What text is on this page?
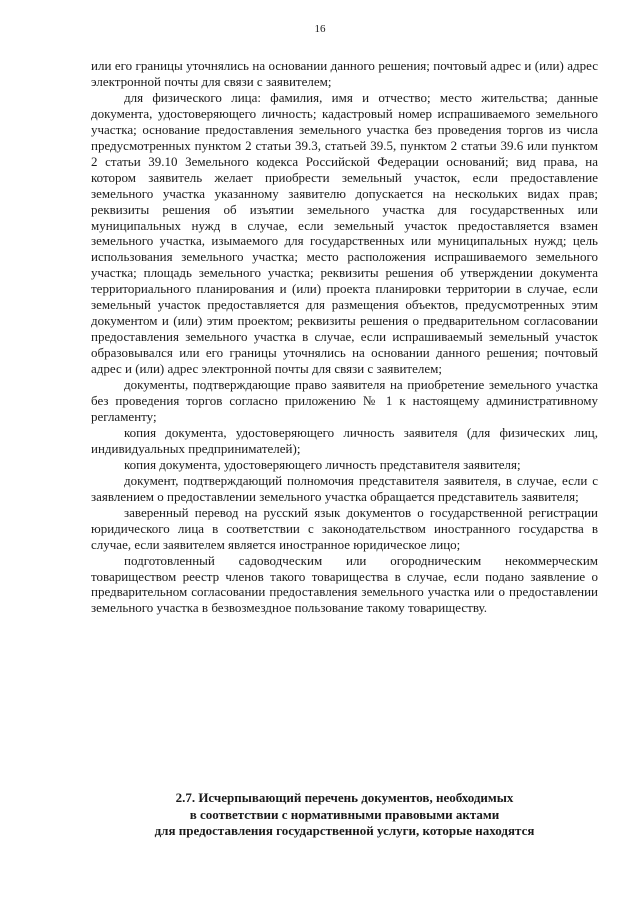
16

или его границы уточнялись на основании данного решения; почтовый адрес и (или) адрес электронной почты для связи с заявителем;

для физического лица: фамилия, имя и отчество; место жительства; данные документа, удостоверяющего личность; кадастровый номер испрашиваемого земельного участка; основание предоставления земельного участка без проведения торгов из числа предусмотренных пунктом 2 статьи 39.3, статьей 39.5, пунктом 2 статьи 39.6 или пунктом 2 статьи 39.10 Земельного кодекса Российской Федерации оснований; вид права, на котором заявитель желает приобрести земельный участок, если предоставление земельного участка указанному заявителю допускается на нескольких видах прав; реквизиты решения об изъятии земельного участка для государственных или муниципальных нужд в случае, если земельный участок предоставляется взамен земельного участка, изымаемого для государственных или муниципальных нужд; цель использования земельного участка; место расположения испрашиваемого земельного участка; площадь земельного участка; реквизиты решения об утверждении документа территориального планирования и (или) проекта планировки территории в случае, если земельный участок предоставляется для размещения объектов, предусмотренных этим документом и (или) этим проектом; реквизиты решения о предварительном согласовании предоставления земельного участка в случае, если испрашиваемый земельный участок образовывался или его границы уточнялись на основании данного решения; почтовый адрес и (или) адрес электронной почты для связи с заявителем;

документы, подтверждающие право заявителя на приобретение земельного участка без проведения торгов согласно приложению № 1 к настоящему административному регламенту;

копия документа, удостоверяющего личность заявителя (для физических лиц, индивидуальных предпринимателей);

копия документа, удостоверяющего личность представителя заявителя;

документ, подтверждающий полномочия представителя заявителя, в случае, если с заявлением о предоставлении земельного участка обращается представитель заявителя;

заверенный перевод на русский язык документов о государственной регистрации юридического лица в соответствии с законодательством иностранного государства в случае, если заявителем является иностранное юридическое лицо;

подготовленный садоводческим или огородническим некоммерческим товариществом реестр членов такого товарищества в случае, если подано заявление о предварительном согласовании предоставления земельного участка или о предоставлении земельного участка в безвозмездное пользование такому товариществу.

2.7. Исчерпывающий перечень документов, необходимых
в соответствии с нормативными правовыми актами
для предоставления государственной услуги, которые находятся
